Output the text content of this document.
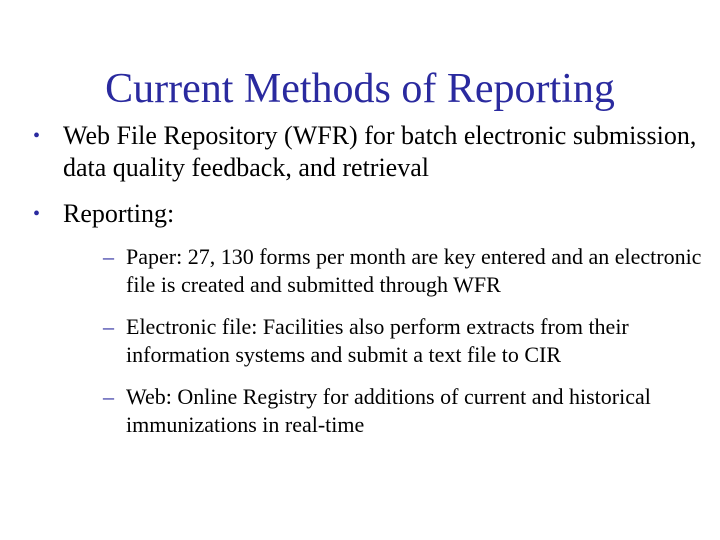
Current Methods of Reporting
• Web File Repository (WFR) for batch electronic submission, data quality feedback, and retrieval
• Reporting:
– Paper: 27, 130 forms per month are key entered and an electronic file is created and submitted through WFR
– Electronic file: Facilities also perform extracts from their information systems and submit a text file to CIR
– Web: Online Registry for additions of current and historical immunizations in real-time
